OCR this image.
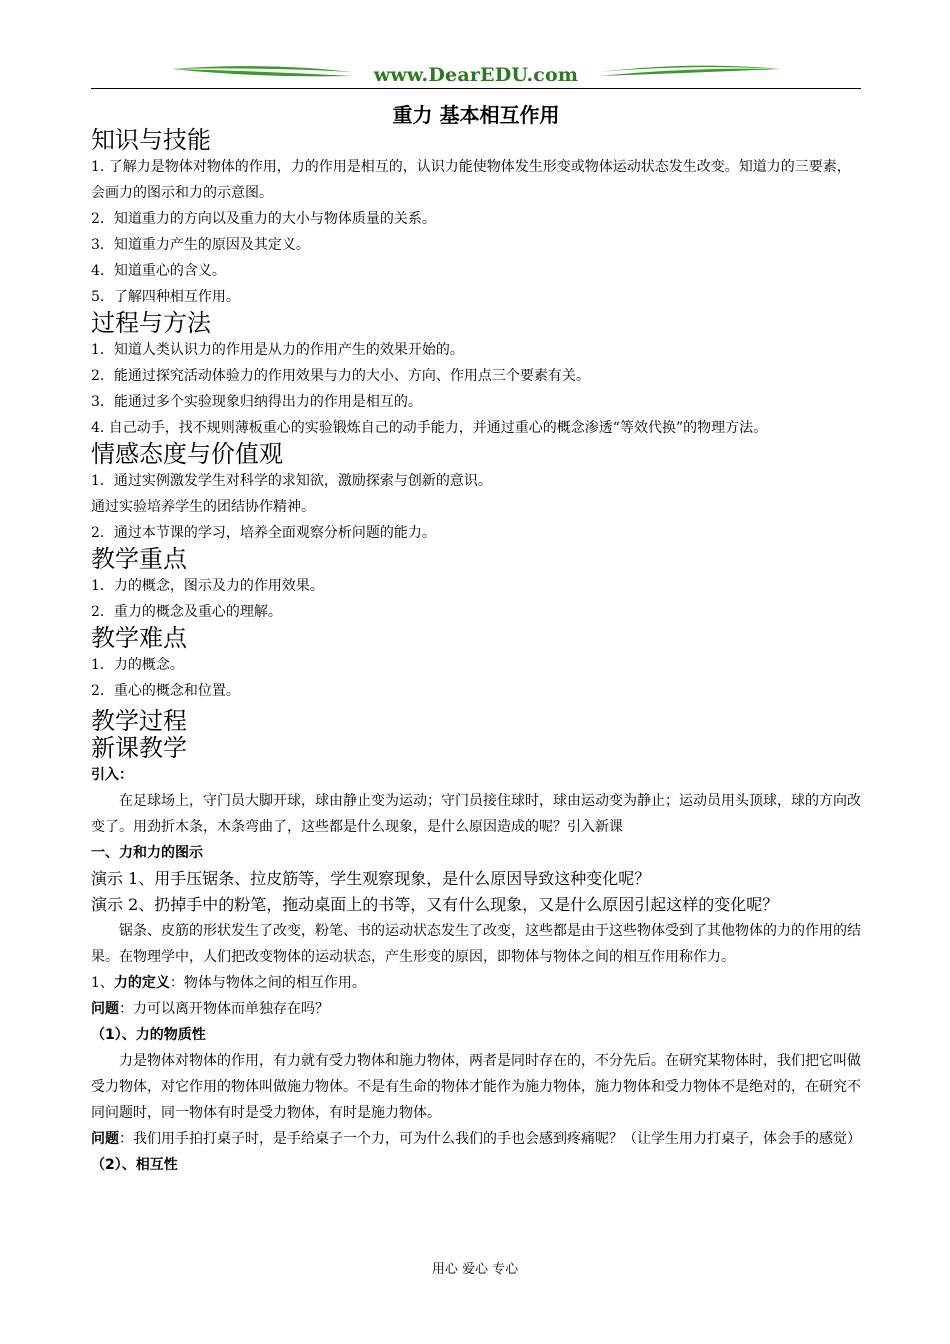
www.DearEDU.com
重力 基本相互作用
知识与技能

1. 了解力是物体对物体的作用，力的作用是相互的，认识力能使物体发生形变或物体运动状态发生改变。知道力的三要素，会画力的图示和力的示意图。

2．知道重力的方向以及重力的大小与物体质量的关系。

3．知道重力产生的原因及其定义。

4．知道重心的含义。

5．了解四种相互作用。

过程与方法

1．知道人类认识力的作用是从力的作用产生的效果开始的。

2．能通过探究活动体验力的作用效果与力的大小、方向、作用点三个要素有关。

3．能通过多个实验现象归纳得出力的作用是相互的。

4. 自己动手，找不规则薄板重心的实验锻炼自己的动手能力，并通过重心的概念渗透“等效代换”的物理方法。

情感态度与价值观

1．通过实例激发学生对科学的求知欲，激励探索与创新的意识。

通过实验培养学生的团结协作精神。

2．通过本节课的学习，培养全面观察分析问题的能力。

教学重点

1．力的概念，图示及力的作用效果。

2．重力的概念及重心的理解。

教学难点

1．力的概念。

2．重心的概念和位置。

教学过程
新课教学

引入：

在足球场上，守门员大脚开球，球由静止变为运动；守门员接住球时，球由运动变为静止；运动员用头顶球，球的方向改变了。用劲折木条，木条弯曲了，这些都是什么现象，是什么原因造成的呢？引入新课

一、力和力的图示

演示 1、用手压锯条、拉皮筋等，学生观察现象，是什么原因导致这种变化呢？

演示 2、扔掉手中的粉笔，拖动桌面上的书等，又有什么现象，又是什么原因引起这样的变化呢？

锯条、皮筋的形状发生了改变，粉笔、书的运动状态发生了改变，这些都是由于这些物体受到了其他物体的力的作用的结果。在物理学中，人们把改变物体的运动状态，产生形变的原因，即物体与物体之间的相互作用称作力。

1、力的定义：物体与物体之间的相互作用。

问题：力可以离开物体而单独存在吗？

（1）、力的物质性

力是物体对物体的作用，有力就有受力物体和施力物体，两者是同时存在的，不分先后。在研究某物体时，我们把它叫做受力物体，对它作用的物体叫做施力物体。不是有生命的物体才能作为施力物体，施力物体和受力物体不是绝对的，在研究不同问题时，同一物体有时是受力物体，有时是施力物体。

问题：我们用手拍打桌子时，是手给桌子一个力，可为什么我们的手也会感到疼痛呢？（让学生用力打桌子，体会手的感觉）

（2）、相互性

用心 爱心 专心
